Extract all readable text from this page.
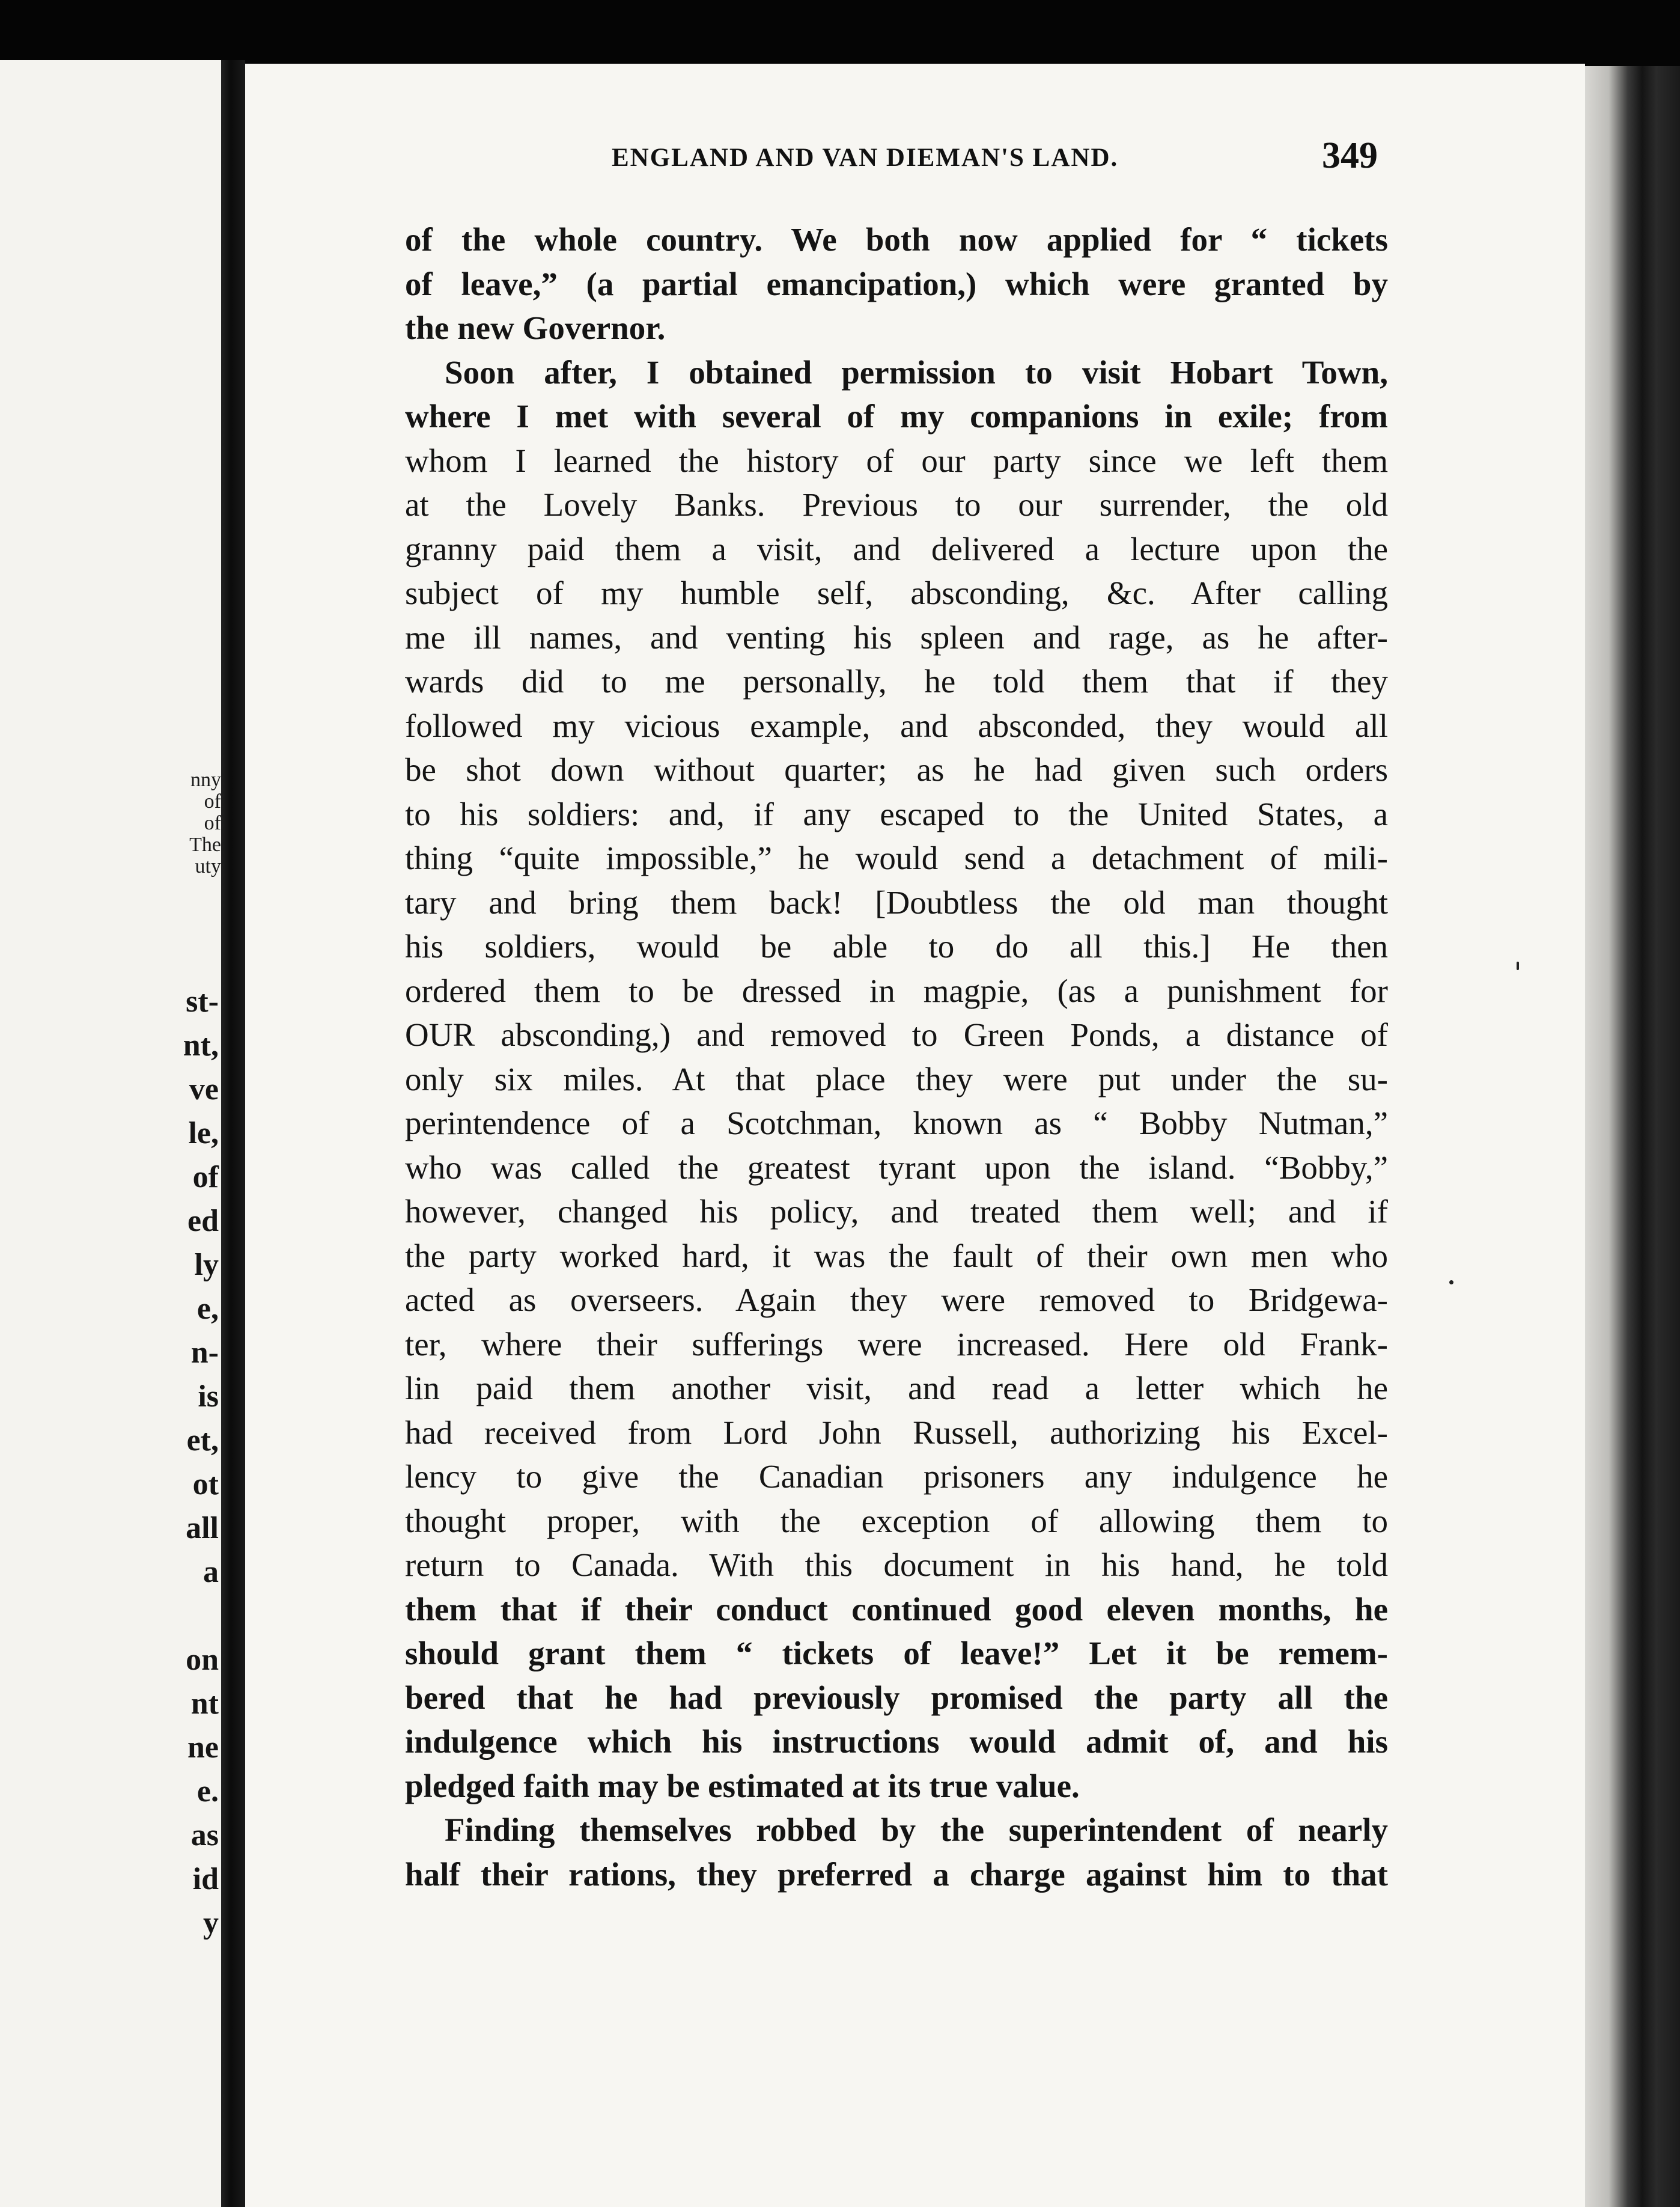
nny
of
of
The
uty
st-
nt,
ve
le,
of
ed
ly
e,
n-
is
et,
ot
all
a
on
nt
ne
e.
as
id
y
ENGLAND AND VAN DIEMAN'S LAND.	349
of the whole country. We both now applied for “ tickets
of leave,” (a partial emancipation,) which were granted by
the new Governor.
Soon after, I obtained permission to visit Hobart Town,
where I met with several of my companions in exile; from
whom I learned the history of our party since we left them
at the Lovely Banks. Previous to our surrender, the old
granny paid them a visit, and delivered a lecture upon the
subject of my humble self, absconding, &c. After calling
me ill names, and venting his spleen and rage, as he after-
wards did to me personally, he told them that if they
followed my vicious example, and absconded, they would all
be shot down without quarter; as he had given such orders
to his soldiers: and, if any escaped to the United States, a
thing “quite impossible,” he would send a detachment of mili-
tary and bring them back! [Doubtless the old man thought
his soldiers, would be able to do all this.] He then
ordered them to be dressed in magpie, (as a punishment for
OUR absconding,) and removed to Green Ponds, a distance of
only six miles. At that place they were put under the su-
perintendence of a Scotchman, known as “ Bobby Nutman,”
who was called the greatest tyrant upon the island. “Bobby,”
however, changed his policy, and treated them well; and if
the party worked hard, it was the fault of their own men who
acted as overseers. Again they were removed to Bridgewa-
ter, where their sufferings were increased. Here old Frank-
lin paid them another visit, and read a letter which he
had received from Lord John Russell, authorizing his Excel-
lency to give the Canadian prisoners any indulgence he
thought proper, with the exception of allowing them to
return to Canada. With this document in his hand, he told
them that if their conduct continued good eleven months, he
should grant them “ tickets of leave!” Let it be remem-
bered that he had previously promised the party all the
indulgence which his instructions would admit of, and his
pledged faith may be estimated at its true value.
Finding themselves robbed by the superintendent of nearly
half their rations, they preferred a charge against him to that
